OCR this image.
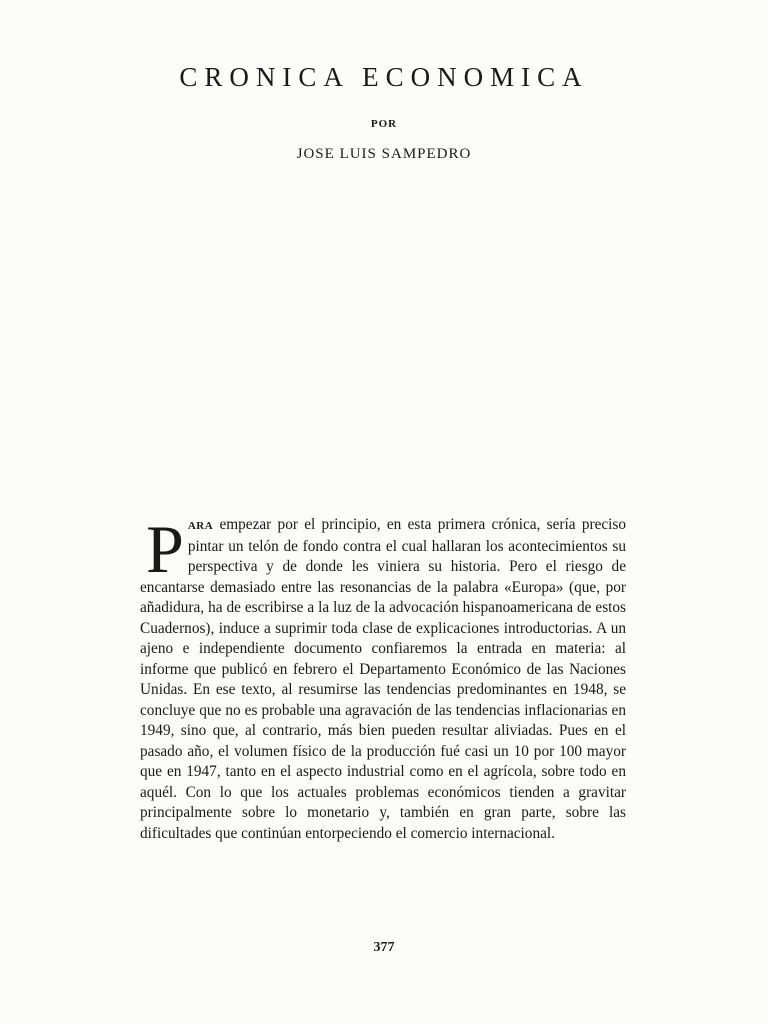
CRONICA ECONOMICA

POR

JOSE LUIS SAMPEDRO

P ARA empezar por el principio, en esta primera crónica, sería preciso pintar un telón de fondo contra el cual hallaran los acontecimientos su perspectiva y de donde les viniera su historia. Pero el riesgo de encantarse demasiado entre las resonancias de la palabra «Europa» (que, por añadidura, ha de escribirse a la luz de la advocación hispanoamericana de estos Cuadernos), induce a suprimir toda clase de explicaciones introductorias. A un ajeno e independiente documento confiaremos la entrada en materia: al informe que publicó en febrero el Departamento Económico de las Naciones Unidas. En ese texto, al resumirse las tendencias predominantes en 1948, se concluye que no es probable una agravación de las tendencias inflacionarias en 1949, sino que, al contrario, más bien pueden resultar aliviadas. Pues en el pasado año, el volumen físico de la producción fué casi un 10 por 100 mayor que en 1947, tanto en el aspecto industrial como en el agrícola, sobre todo en aquél. Con lo que los actuales problemas económicos tienden a gravitar principalmente sobre lo monetario y, también en gran parte, sobre las dificultades que continúan entorpeciendo el comercio internacional.

377
